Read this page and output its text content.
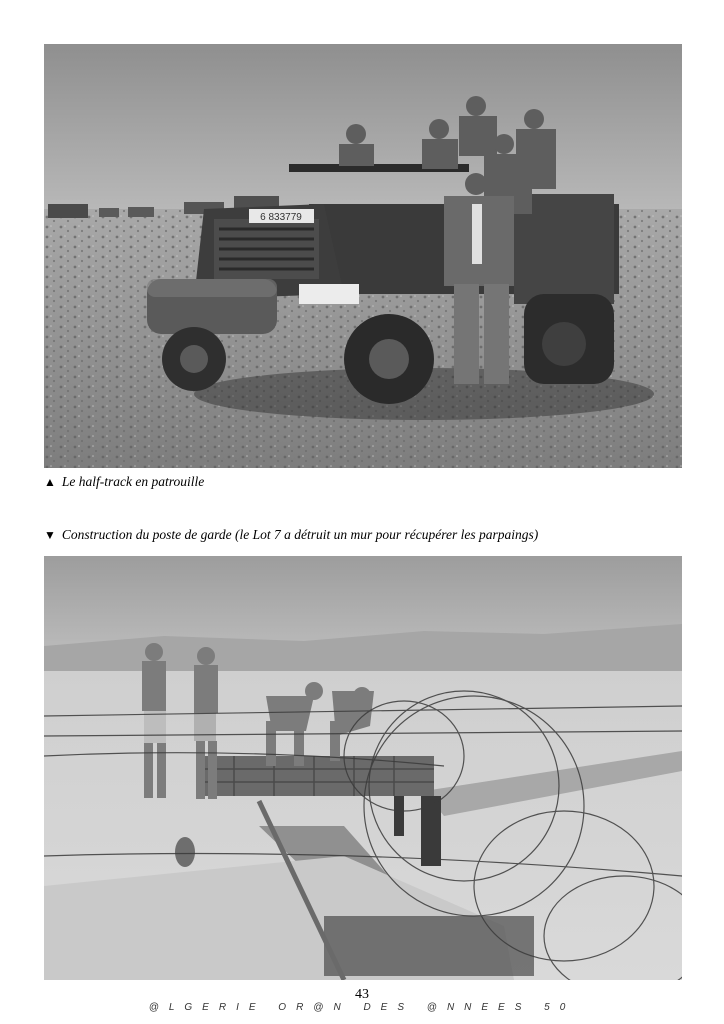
6 833779
▲ Le half-track en patrouille
▼ Construction du poste de garde (le Lot 7 a détruit un mur pour récupérer les parpaings)
43
@LGERIE OR@N DES @NNEES 50
